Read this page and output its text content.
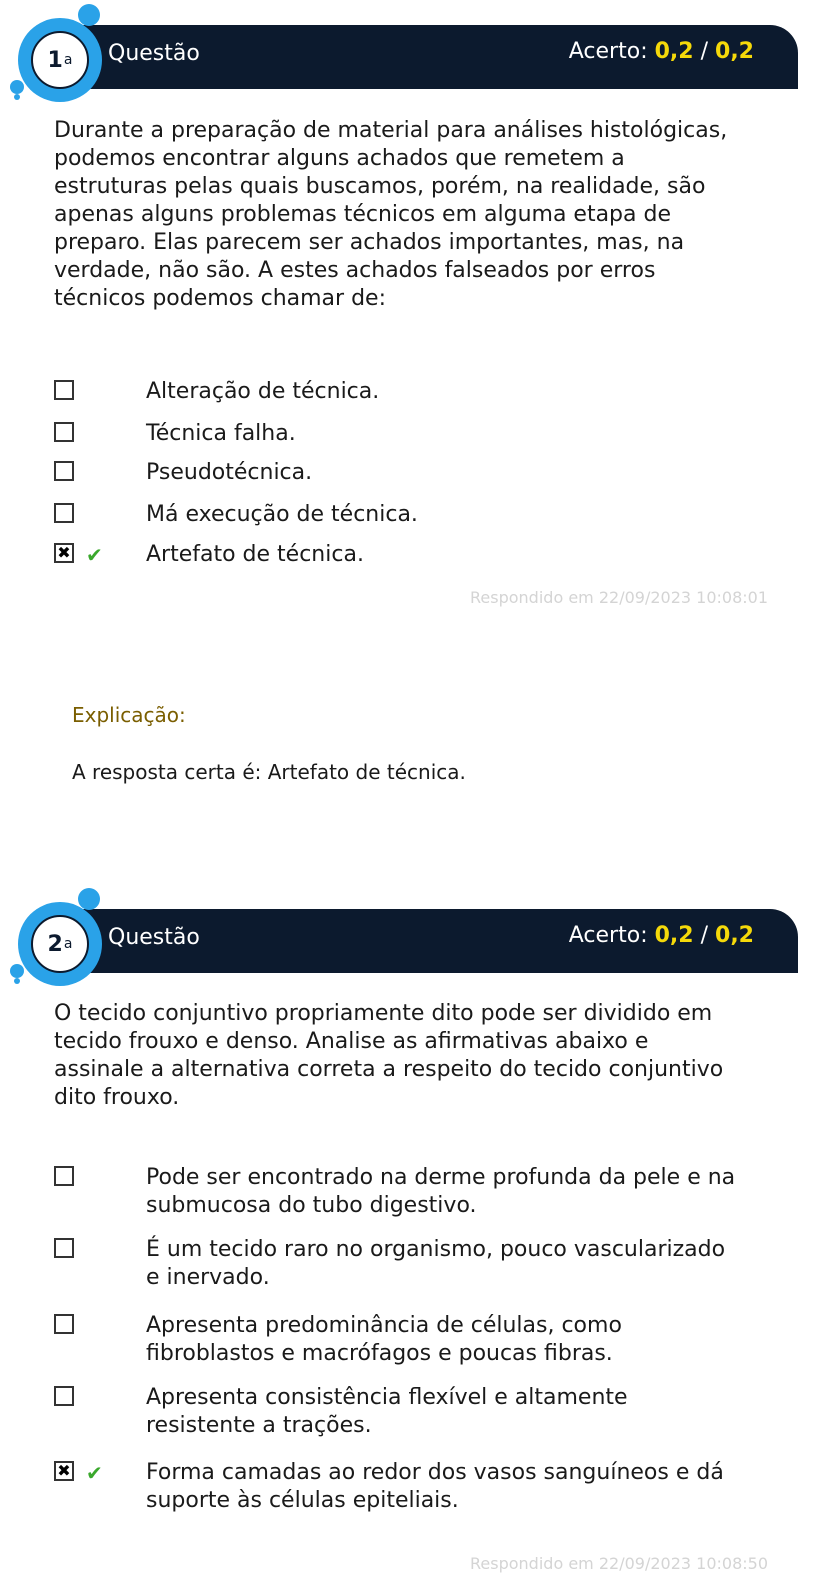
Questão	Acerto: 0,2 / 0,2
1 a
Durante a preparação de material para análises histológicas,
podemos encontrar alguns achados que remetem a
estruturas pelas quais buscamos, porém, na realidade, são
apenas alguns problemas técnicos em alguma etapa de
preparo. Elas parecem ser achados importantes, mas, na
verdade, não são. A estes achados falseados por erros
técnicos podemos chamar de:
Alteração de técnica.
Técnica falha.
Pseudotécnica.
Má execução de técnica.
✖ ✔ Artefato de técnica.
Respondido em 22/09/2023 10:08:01
Explicação:
A resposta certa é: Artefato de técnica.
Questão	Acerto: 0,2 / 0,2
2 a
O tecido conjuntivo propriamente dito pode ser dividido em
tecido frouxo e denso. Analise as afirmativas abaixo e
assinale a alternativa correta a respeito do tecido conjuntivo
dito frouxo.
Pode ser encontrado na derme profunda da pele e na
submucosa do tubo digestivo.
É um tecido raro no organismo, pouco vascularizado
e inervado.
Apresenta predominância de células, como
fibroblastos e macrófagos e poucas fibras.
Apresenta consistência flexível e altamente
resistente a trações.
✖ ✔ Forma camadas ao redor dos vasos sanguíneos e dá
suporte às células epiteliais.
Respondido em 22/09/2023 10:08:50
